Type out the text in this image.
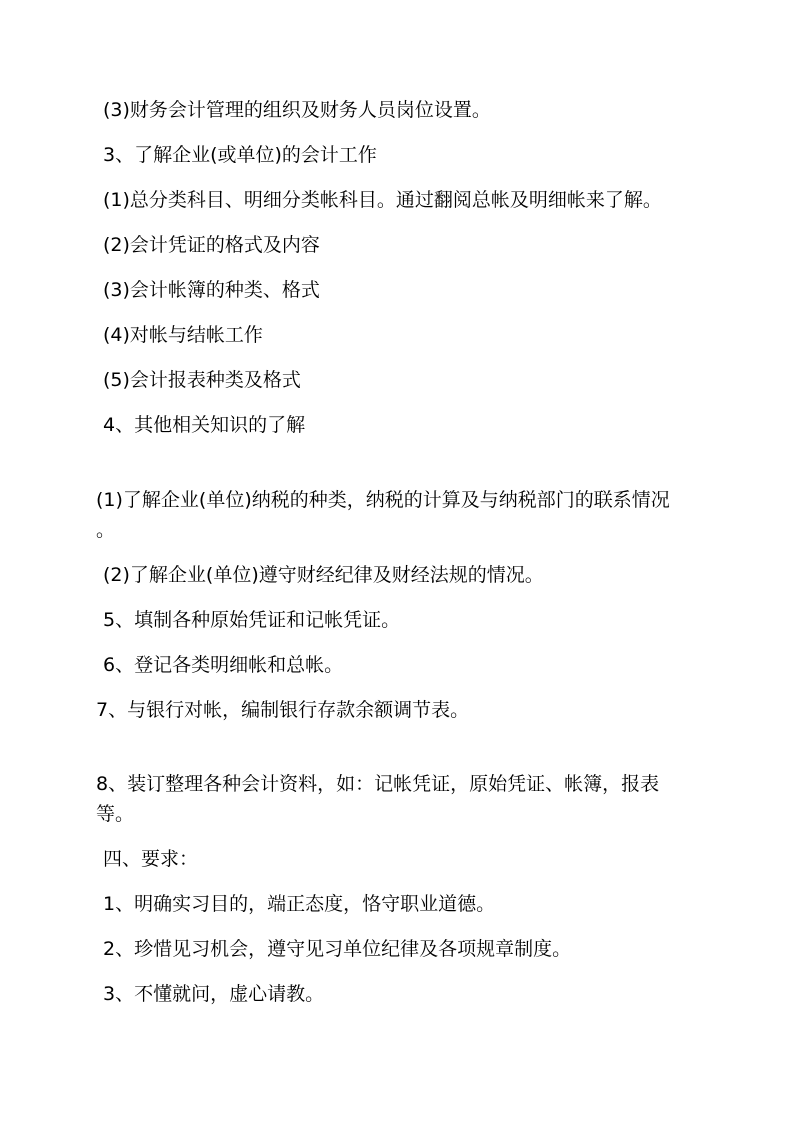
(3)财务会计管理的组织及财务人员岗位设置。
3、了解企业(或单位)的会计工作
(1)总分类科目、明细分类帐科目。通过翻阅总帐及明细帐来了解。
(2)会计凭证的格式及内容
(3)会计帐簿的种类、格式
(4)对帐与结帐工作
(5)会计报表种类及格式
4、其他相关知识的了解
(1)了解企业(单位)纳税的种类，纳税的计算及与纳税部门的联系情况
。
(2)了解企业(单位)遵守财经纪律及财经法规的情况。
5、填制各种原始凭证和记帐凭证。
6、登记各类明细帐和总帐。
7、与银行对帐，编制银行存款余额调节表。
8、装订整理各种会计资料，如：记帐凭证，原始凭证、帐簿，报表
等。
四、要求：
1、明确实习目的，端正态度，恪守职业道德。
2、珍惜见习机会，遵守见习单位纪律及各项规章制度。
3、不懂就问，虚心请教。
